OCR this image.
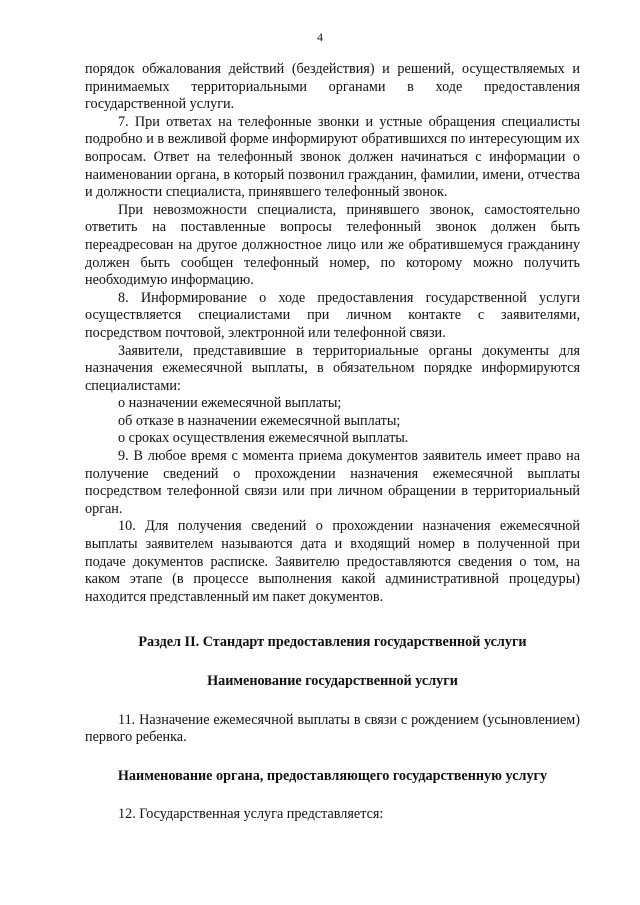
4

порядок обжалования действий (бездействия) и решений, осуществляемых и принимаемых территориальными органами в ходе предоставления государственной услуги.

7. При ответах на телефонные звонки и устные обращения специалисты подробно и в вежливой форме информируют обратившихся по интересующим их вопросам. Ответ на телефонный звонок должен начинаться с информации о наименовании органа, в который позвонил гражданин, фамилии, имени, отчества и должности специалиста, принявшего телефонный звонок.

При невозможности специалиста, принявшего звонок, самостоятельно ответить на поставленные вопросы телефонный звонок должен быть переадресован на другое должностное лицо или же обратившемуся гражданину должен быть сообщен телефонный номер, по которому можно получить необходимую информацию.

8. Информирование о ходе предоставления государственной услуги осуществляется специалистами при личном контакте с заявителями, посредством почтовой, электронной или телефонной связи.

Заявители, представившие в территориальные органы документы для назначения ежемесячной выплаты, в обязательном порядке информируются специалистами:

о назначении ежемесячной выплаты;

об отказе в назначении ежемесячной выплаты;

о сроках осуществления ежемесячной выплаты.

9. В любое время с момента приема документов заявитель имеет право на получение сведений о прохождении назначения ежемесячной выплаты посредством телефонной связи или при личном обращении в территориальный орган.

10. Для получения сведений о прохождении назначения ежемесячной выплаты заявителем называются дата и входящий номер в полученной при подаче документов расписке. Заявителю предоставляются сведения о том, на каком этапе (в процессе выполнения какой административной процедуры) находится представленный им пакет документов.

Раздел II. Стандарт предоставления государственной услуги

Наименование государственной услуги

11. Назначение ежемесячной выплаты в связи с рождением (усыновлением) первого ребенка.

Наименование органа, предоставляющего государственную услугу

12. Государственная услуга представляется:
